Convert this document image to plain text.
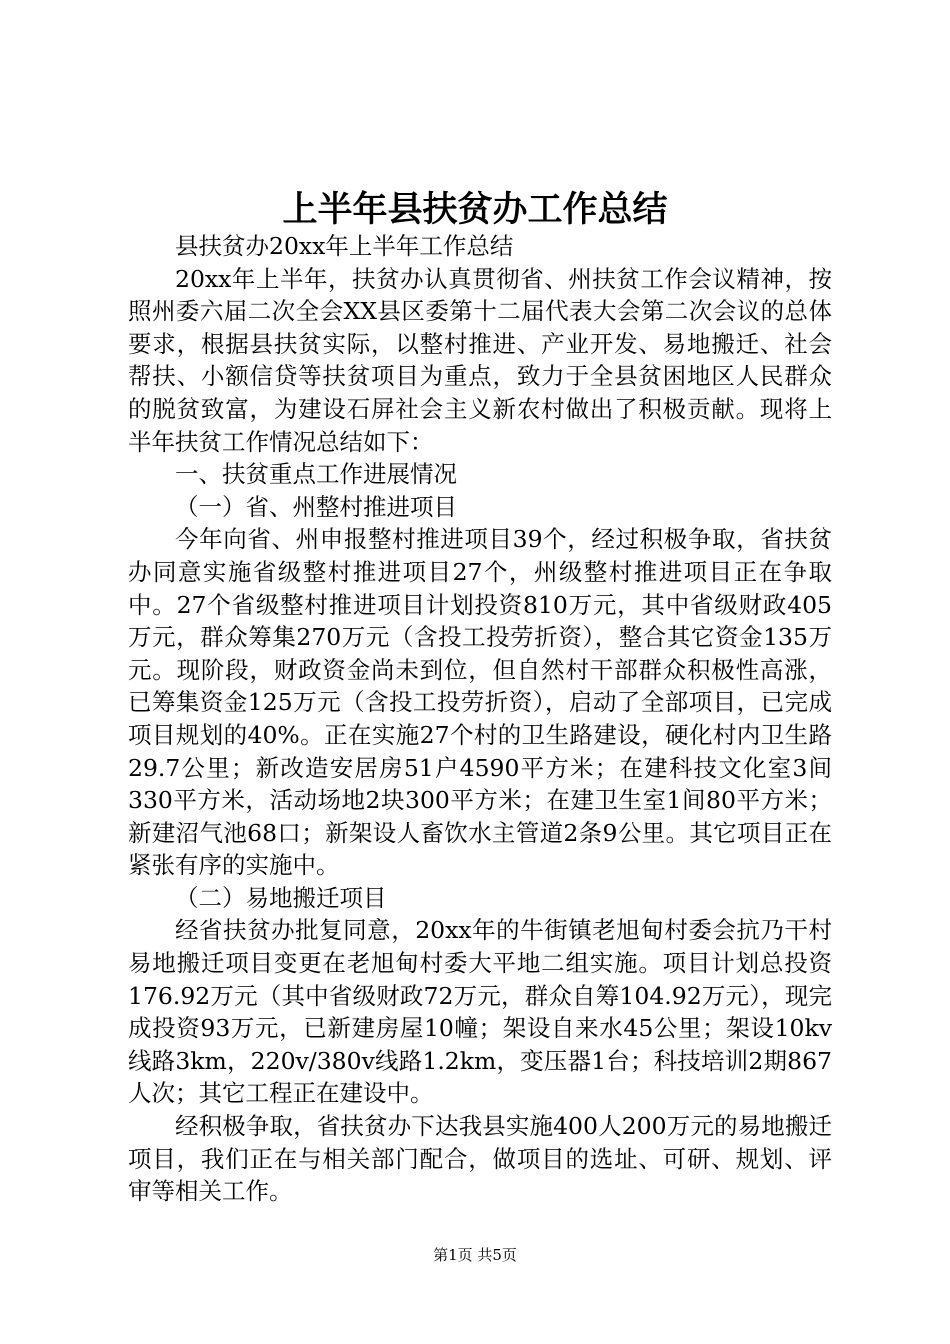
上半年县扶贫办工作总结

县扶贫办20xx年上半年工作总结

20xx年上半年，扶贫办认真贯彻省、州扶贫工作会议精神，按照州委六届二次全会XX县区委第十二届代表大会第二次会议的总体要求，根据县扶贫实际，以整村推进、产业开发、易地搬迁、社会帮扶、小额信贷等扶贫项目为重点，致力于全县贫困地区人民群众的脱贫致富，为建设石屏社会主义新农村做出了积极贡献。现将上半年扶贫工作情况总结如下：

一、扶贫重点工作进展情况

（一）省、州整村推进项目

今年向省、州申报整村推进项目39个，经过积极争取，省扶贫办同意实施省级整村推进项目27个，州级整村推进项目正在争取中。27个省级整村推进项目计划投资810万元，其中省级财政405万元，群众筹集270万元（含投工投劳折资），整合其它资金135万元。现阶段，财政资金尚未到位，但自然村干部群众积极性高涨，已筹集资金125万元（含投工投劳折资），启动了全部项目，已完成项目规划的40%。正在实施27个村的卫生路建设，硬化村内卫生路29.7公里；新改造安居房51户4590平方米；在建科技文化室3间330平方米，活动场地2块300平方米；在建卫生室1间80平方米；新建沼气池68口；新架设人畜饮水主管道2条9公里。其它项目正在紧张有序的实施中。

（二）易地搬迁项目

经省扶贫办批复同意，20xx年的牛街镇老旭甸村委会抗乃干村易地搬迁项目变更在老旭甸村委大平地二组实施。项目计划总投资176.92万元（其中省级财政72万元，群众自筹104.92万元），现完成投资93万元，已新建房屋10幢；架设自来水45公里；架设10kv线路3km，220v/380v线路1.2km，变压器1台；科技培训2期867人次；其它工程正在建设中。

经积极争取，省扶贫办下达我县实施400人200万元的易地搬迁项目，我们正在与相关部门配合，做项目的选址、可研、规划、评审等相关工作。

第1页 共5页
